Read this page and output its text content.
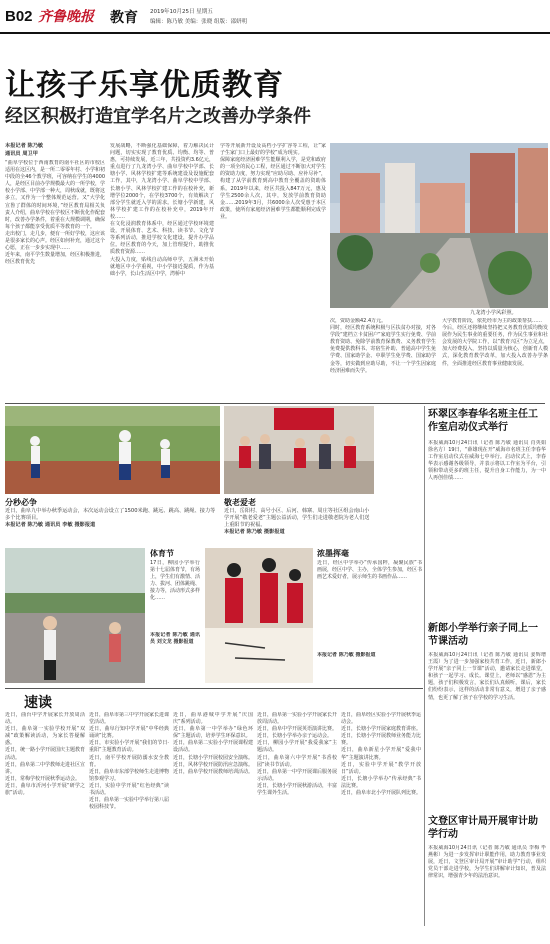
B02 齐鲁晚报 教育 2019年10月25日 星期五
编辑：陈乃敏 美编：张晓 组版：邵妍明
让孩子乐享优质教育
经区积极打造宜学名片之改善办学条件
本报记者 陈乃敏
通讯员 周卫甲
“曲阜学校位于西南教育的南平社区的市校区适用在这区内，是一所二零零年村、小学和初中段的全46个教学班，可容纳在学生的4000人，是经区目前办学规模最大的一所学校，学校小学部、中学部一种大，周秋成就，既将这多立，又作为一个整体规范运营。又”大学化宣鲁了群体的时间环境，”经区教育局相关负责人介绍，曲阜学校在学校区不断优化作配套时，改善办学条件，着重在大规模调期，确保每个孩子都能享受优质平等教育的一个。
走出校门，走几步，便有一所好学校，这应该是很多家长的心声。经区如何补充，通过这个心愿，正在一步步实现中……
近年来，南平学生数量增加，经区积极推进，经区教育优先
发展战略，不断强化基础保障，着力解决民计问题，切实实现了教育优质、均衡、均等、普惠，可持续发展，近三年，共投资约3.6亿元，重点进行了九龙湾小学、曲阜学校中学部、长塘小学、风林学校扩建等系统建设及设施配套工作，其中，九龙湾小学、曲阜学校中学部、长塘小学、风林学校扩建工作的在校补充，新增学位2000个，在学校3700个，有效解决了部分学生就近入学的需求。长塘小学新建，风林学校扩建工作的在校补充中，2019年开校……
在文化浸润教育体系中，经区通过学校环境建设，开展体育、艺术、科技、读书节、文化节等系列活动，推进学校文化建设，提升办学品位。经区教育的今天，加上管理提升，助推优质教育资源……
大投入力度，贴线自动高师中学，五洲未开始就地区中小学重视，中小学接近提质，作为基础小学，长山生活区中学，湾桥中
学等开展新开设及高档小学扩容等工程，让”家子生家门口上最好的学校”成为现实。
保障家庭经济困难学生能顺利入学，是党和政府的一项全的民心工程，经区通过不断加大对学生的资助力度，努力实现“应助尽助、应补尽补”，构建了从学前教育到高中教育全覆盖的资助体系。2019年以来，经区共投入847万元，惠及学生2500余人次，其中，发放学前教育资助金……2019年3月，共6000余人次受惠于本区政策，使所有家庭经济困难学生都能顺利完成学业。
九龙湾小学风彩照。
次，资助金额42.4万元。
同时，经区教育系统积极与区扶贫办对接，对各学段“建档立卡贫困户”家庭学生实行免费、学前教育资助、免除学前教育保教费、义务教育学生免费提供教科书、寄宿生补助、普通高中学生免学费、国家助学金、中职学生免学费、国家助学金等，切实做到应助尽助，不让一个学生因家庭经济困难而失学。
大学教育阶段，依托经市为主的政策帮扶……
今后，经区还将继续坚持把义务教育优质均衡发展作为民生事业的重要任务，作为民生事业和社会发展的大学院工作，以”教育兴区”为立足点，加大经费投入，坚持以质量为核心，创新育人模式，深化教育教学改革，加大投入改善办学条件，全面推进经区教育事业健康发展。
分秒必争
近日，曲阜九中举办秋季运动会，本次运动会设立了1500米跑、跳远、跳高、跳绳、接力等多个比赛项目。
本报记者 陈乃敏 通讯员 李敏 摄影报道
敬老爱老
近日，岳阳村、高号小区、后河、韩寨、周庄等社区组会南山小学开展“敬老爱老”主题公益活动，学生们走进敬老院为老人们送上重阳节的祝福。
本报记者 陈乃敏 摄影报道
环翠区李春华名班主任工作室启动仪式举行
本报威海10月24日讯（记者 陈乃敏 通讯员 肖英娟 徐名方）19日，“薛雄现在开”威海市名班主任李春华工作室启动仪式在威海七中举行。启动仪式上，李春华表示感谢各级领导，并表示将以工作室为平台，引领和带动更多的班主任，提升自身工作能力，为一中人再创佳绩……
体育节
17日，柳园小学举行第十七届体育节，有场上，学生们有激情、活力、拔河、团体跳绳、接力等，活动形式多样化……
本报记者 陈乃敏 通讯员 刘文龙 摄影报道
浓墨挥毫
近日，经区中学举办“传承国粹，凝聚民族”书画展，经区中学、主办，全体学生参加，经区书画艺术爱好者，展示师生的书画作品……
本报记者 陈乃敏 摄影报道
速读
近日，曲台中学开展家长开放周活动。
近日，曲阜第一实验学校开展“双减”政策解读活动，为家长答疑解惑。
近日，统一路小学开展国庆主题教育活动。
近日，曲阜第二中学教师走进社区宣讲。
近日，常梅学校开展秋季运动会。
近日，曲阜市沂河小学开展“研学之旅”活动。
近日，曲阜市第三中学开展家长进课堂活动。
近日，曲阜行知中学开展“中华经典诵读”比赛。
近日，市实验小学开展“我们的节日·重阳”主题教育活动。
近日，南平学校开展防溺水安全教育。
近日，曲阜市东部学校师生走进博物馆参观学习。
近日，实验中学开展“红色经典”读书活动。
近日，曲阜第一实验中学举行第八届校园科技节。
近日，曲阜港城中学开展“庆国庆”系列活动。
近日，曲阜第一中学举办“绿色环保”主题活动，培养学生环保意识。
近日，曲阜第二实验小学开展课程建设活动。
近日，长塘小学开展校园安全演练。
近日，风林学校开展防汛应急演练。
近日，曲阜学校开展教师培训活动。
近日，曲阜第一实验小学开展家长开放周活动。
近日，曲阜中学开展英语演讲比赛。
近日，长塘小学举办亲子运动会。
近日，柳园小学开展“我爱我家”主题活动。
近日，曲阜第六中学开展“书香校园”读书节活动。
近日，曲阜第一中学开展课后服务展示活动。
近日，长塘小学开展秋游活动，丰富学生课外生活。
近日，曲阜经区实验小学开展秋季运动会。
近日，长塘小学开展家庭教育讲座。
近日，长塘小学开展教师业务能力比赛。
近日，曲阜新星小学开展“爱我中华”主题演讲比赛。
近日，实验中学开展“教学开放日”活动。
近日，长塘小学举办“传承经典”书法比赛。
近日，曲阜市北小学开展队列比赛。
新郎小学举行亲子同上一节课活动
本报威海10月24日讯（记者 陈乃敏 通讯员 姜辉增 王霞）为了进一步加强家校共育工作，近日，新郎小学开展“亲子同上一节课”活动，邀请家长走进课堂，和孩子一起学习、成长。课堂上，老师以“感恩”为主题，孩子们积极发言，家长们认真倾听，课后，家长们纷纷表示，这样的活动非常有意义，增进了亲子感情，也更了解了孩子在学校的学习生活。
文登区审计局开展审计助学行动
本报威海10月24日讯（记者 陈乃敏 通讯员 李梅 毕燕彬）为进一步发挥审计职能作用，助力教育事业发展，近日，文登区审计局开展“审计助学”行动，组织党员干部走进学校，为学生们讲解审计知识，普及法律常识，增强青少年的法治意识。
